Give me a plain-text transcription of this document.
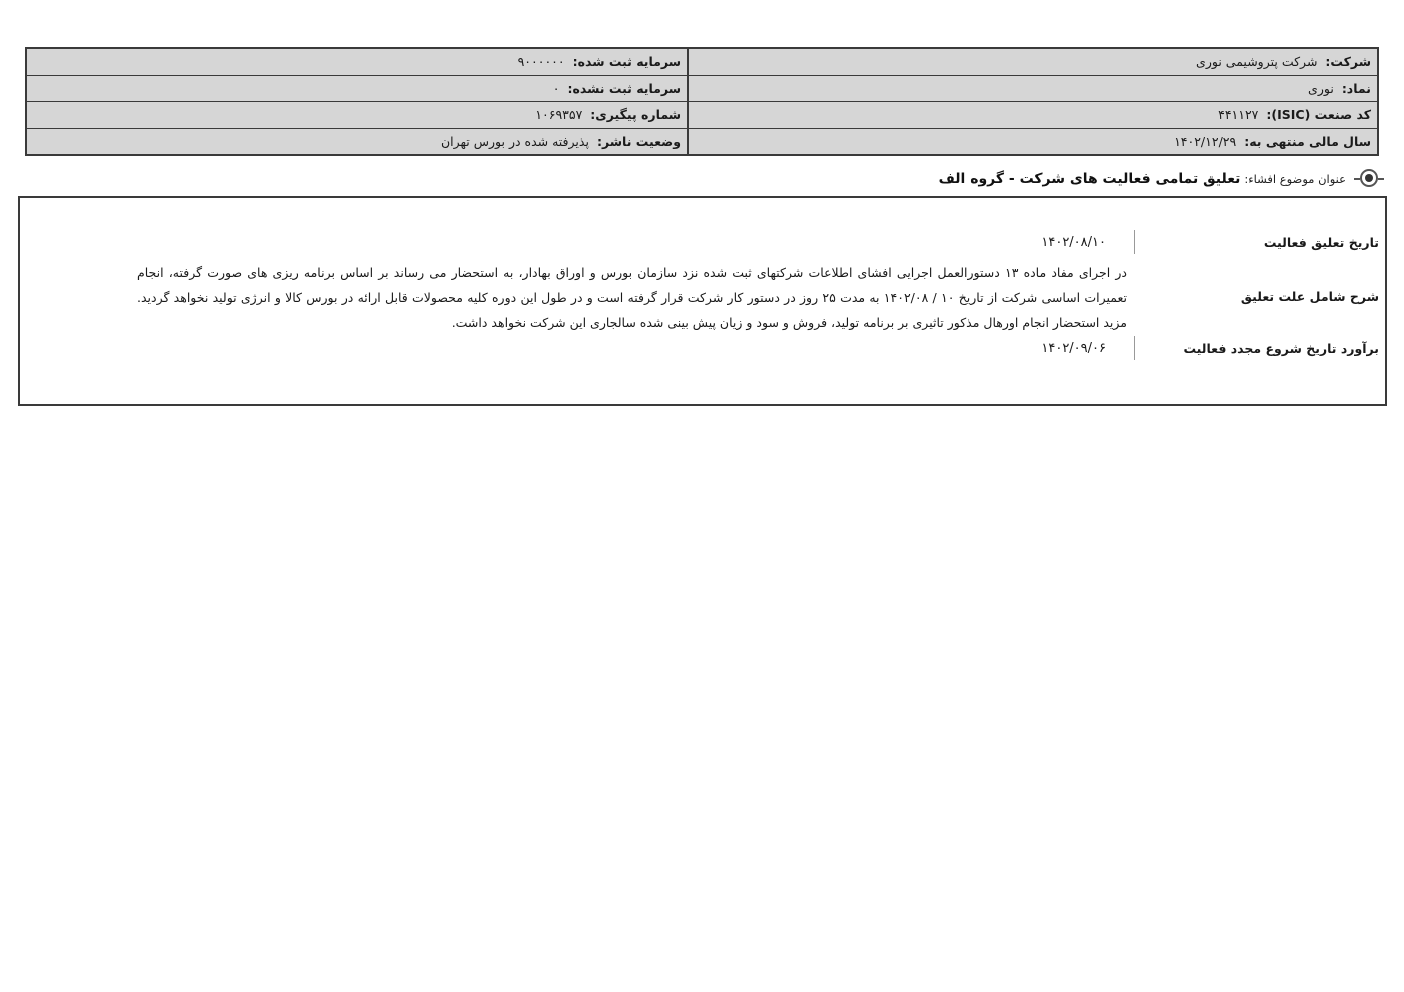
شرکت:
شرکت پتروشیمی نوری
سرمایه ثبت شده:
۹۰۰۰۰۰۰
نماد:
نوری
سرمایه ثبت نشده:
۰
کد صنعت (ISIC):
۴۴۱۱۲۷
شماره پیگیری:
۱۰۶۹۳۵۷
سال مالی منتهی به:
۱۴۰۲/۱۲/۲۹
وضعیت ناشر:
پذیرفته شده در بورس تهران
عنوان موضوع افشاء:
تعلیق تمامی فعالیت های شرکت - گروه الف
تاریخ تعلیق فعالیت
۱۴۰۲/۰۸/۱۰
شرح شامل علت تعلیق
در اجرای مفاد ماده ۱۳ دستورالعمل اجرایی افشای اطلاعات شرکتهای ثبت شده نزد سازمان بورس و اوراق بهادار، به استحضار می رساند بر اساس برنامه ریزی های صورت گرفته، انجام تعمیرات اساسی شرکت از تاریخ ۱۰ / ۱۴۰۲/۰۸ به مدت ۲۵ روز در دستور کار شرکت قرار گرفته است و در طول این دوره کلیه محصولات قابل ارائه در بورس کالا و انرژی تولید نخواهد گردید. مزید استحضار انجام اورهال مذکور تاثیری بر برنامه تولید، فروش و سود و زیان پیش بینی شده سالجاری این شرکت نخواهد داشت.
برآورد تاریخ شروع مجدد فعالیت
۱۴۰۲/۰۹/۰۶
